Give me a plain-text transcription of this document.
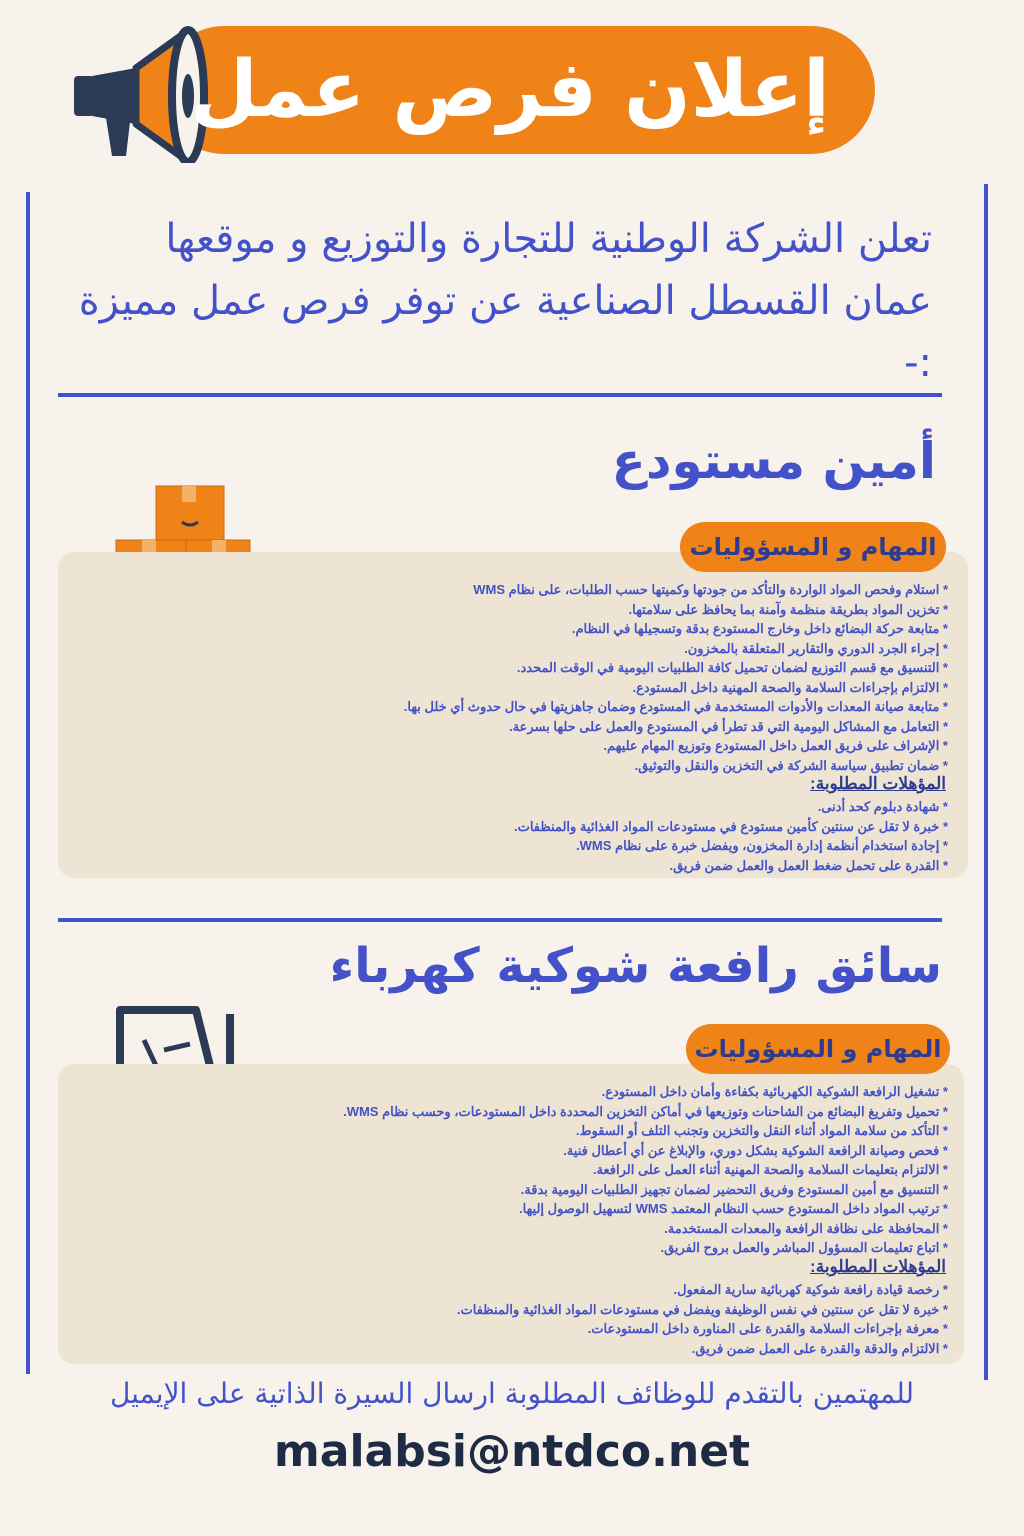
إعلان فرص عمل
تعلن الشركة الوطنية للتجارة والتوزيع و موقعها عمان القسطل الصناعية عن توفر فرص عمل مميزة :-
أمين مستودع
المهام و المسؤوليات
* استلام وفحص المواد الواردة والتأكد من جودتها وكميتها حسب الطلبات، على نظام WMS
* تخزين المواد بطريقة منظمة وآمنة بما يحافظ على سلامتها.
* متابعة حركة البضائع داخل وخارج المستودع بدقة وتسجيلها في النظام.
* إجراء الجرد الدوري والتقارير المتعلقة بالمخزون.
* التنسيق مع قسم التوزيع لضمان تحميل كافة الطلبيات اليومية في الوقت المحدد.
* الالتزام بإجراءات السلامة والصحة المهنية داخل المستودع.
* متابعة صيانة المعدات والأدوات المستخدمة في المستودع وضمان جاهزيتها في حال حدوث أي خلل بها.
* التعامل مع المشاكل اليومية التي قد تطرأ في المستودع والعمل على حلها بسرعة.
* الإشراف على فريق العمل داخل المستودع وتوزيع المهام عليهم.
* ضمان تطبيق سياسة الشركة في التخزين والنقل والتوثيق.
المؤهلات المطلوبة:
* شهادة دبلوم كحد أدنى.
* خبرة لا تقل عن سنتين كأمين مستودع في مستودعات المواد الغذائية والمنظفات.
* إجادة استخدام أنظمة إدارة المخزون، ويفضل خبرة على نظام WMS.
* القدرة على تحمل ضغط العمل والعمل ضمن فريق.
سائق رافعة شوكية كهرباء
المهام و المسؤوليات
* تشغيل الرافعة الشوكية الكهربائية بكفاءة وأمان داخل المستودع.
* تحميل وتفريغ البضائع من الشاحنات وتوزيعها في أماكن التخزين المحددة داخل المستودعات، وحسب نظام WMS.
* التأكد من سلامة المواد أثناء النقل والتخزين وتجنب التلف أو السقوط.
* فحص وصيانة الرافعة الشوكية بشكل دوري، والإبلاغ عن أي أعطال فنية.
* الالتزام بتعليمات السلامة والصحة المهنية أثناء العمل على الرافعة.
* التنسيق مع أمين المستودع وفريق التحضير لضمان تجهيز الطلبيات اليومية بدقة.
* ترتيب المواد داخل المستودع حسب النظام المعتمد WMS لتسهيل الوصول إليها.
* المحافظة على نظافة الرافعة والمعدات المستخدمة.
* اتباع تعليمات المسؤول المباشر والعمل بروح الفريق.
المؤهلات المطلوبة:
* رخصة قيادة رافعة شوكية كهربائية سارية المفعول.
* خبرة لا تقل عن سنتين في نفس الوظيفة ويفضل في مستودعات المواد الغذائية والمنظفات.
* معرفة بإجراءات السلامة والقدرة على المناورة داخل المستودعات.
* الالتزام والدقة والقدرة على العمل ضمن فريق.
للمهتمين بالتقدم للوظائف المطلوبة ارسال السيرة الذاتية على الإيميل
malabsi@ntdco.net
